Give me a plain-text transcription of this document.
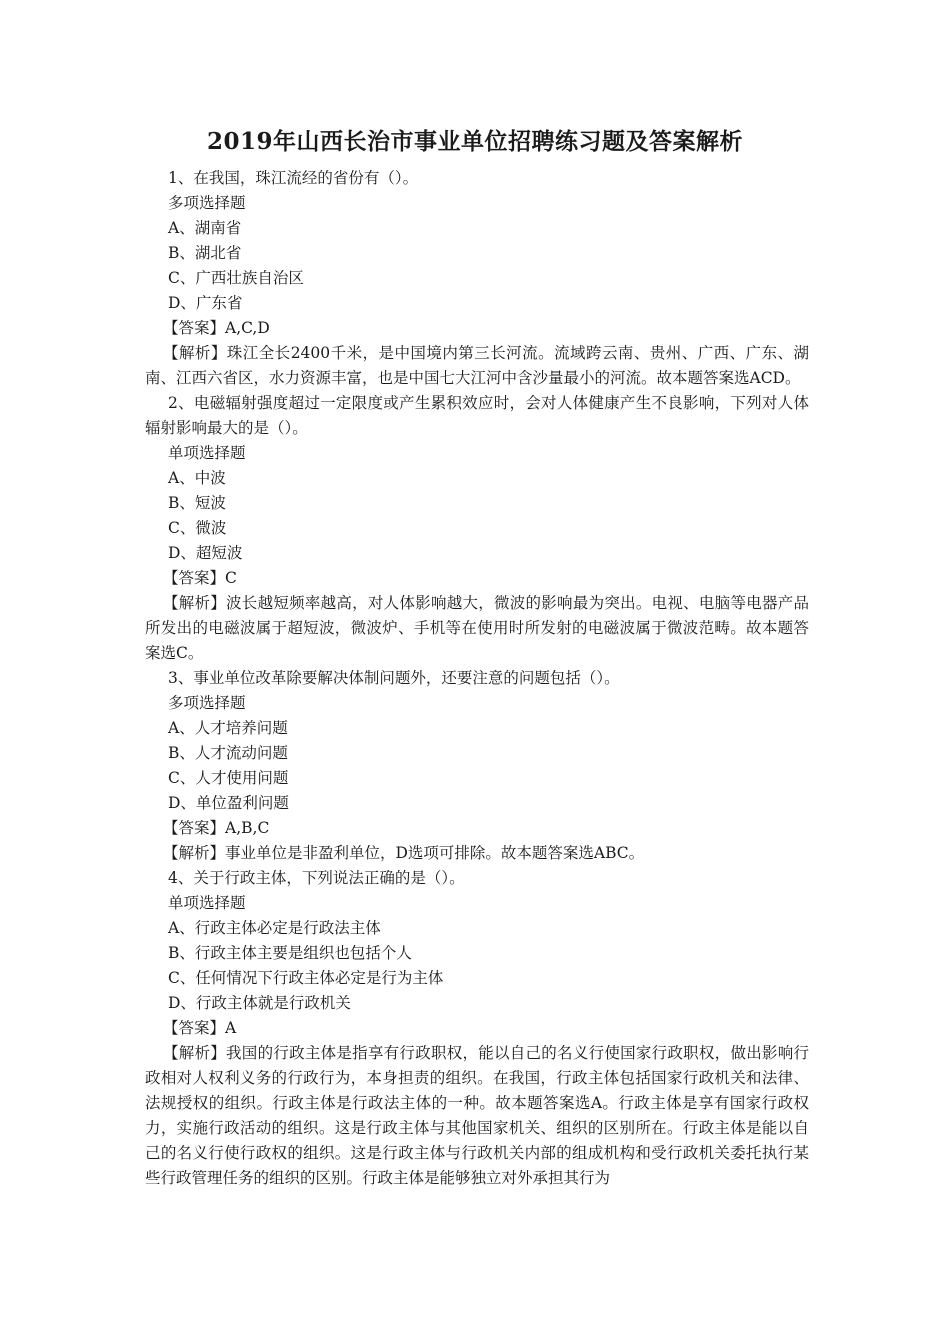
2019年山西长治市事业单位招聘练习题及答案解析
1、在我国，珠江流经的省份有（）。
多项选择题
A、湖南省
B、湖北省
C、广西壮族自治区
D、广东省
【答案】A,C,D
【解析】珠江全长2400千米，是中国境内第三长河流。流域跨云南、贵州、广西、广东、湖南、江西六省区，水力资源丰富，也是中国七大江河中含沙量最小的河流。故本题答案选ACD。
2、电磁辐射强度超过一定限度或产生累积效应时，会对人体健康产生不良影响，下列对人体辐射影响最大的是（）。
单项选择题
A、中波
B、短波
C、微波
D、超短波
【答案】C
【解析】波长越短频率越高，对人体影响越大，微波的影响最为突出。电视、电脑等电器产品所发出的电磁波属于超短波，微波炉、手机等在使用时所发射的电磁波属于微波范畴。故本题答案选C。
3、事业单位改革除要解决体制问题外，还要注意的问题包括（）。
多项选择题
A、人才培养问题
B、人才流动问题
C、人才使用问题
D、单位盈利问题
【答案】A,B,C
【解析】事业单位是非盈利单位，D选项可排除。故本题答案选ABC。
4、关于行政主体，下列说法正确的是（）。
单项选择题
A、行政主体必定是行政法主体
B、行政主体主要是组织也包括个人
C、任何情况下行政主体必定是行为主体
D、行政主体就是行政机关
【答案】A
【解析】我国的行政主体是指享有行政职权，能以自己的名义行使国家行政职权，做出影响行政相对人权利义务的行政行为，本身担责的组织。在我国，行政主体包括国家行政机关和法律、法规授权的组织。行政主体是行政法主体的一种。故本题答案选A。行政主体是享有国家行政权力，实施行政活动的组织。这是行政主体与其他国家机关、组织的区别所在。行政主体是能以自己的名义行使行政权的组织。这是行政主体与行政机关内部的组成机构和受行政机关委托执行某些行政管理任务的组织的区别。行政主体是能够独立对外承担其行为
